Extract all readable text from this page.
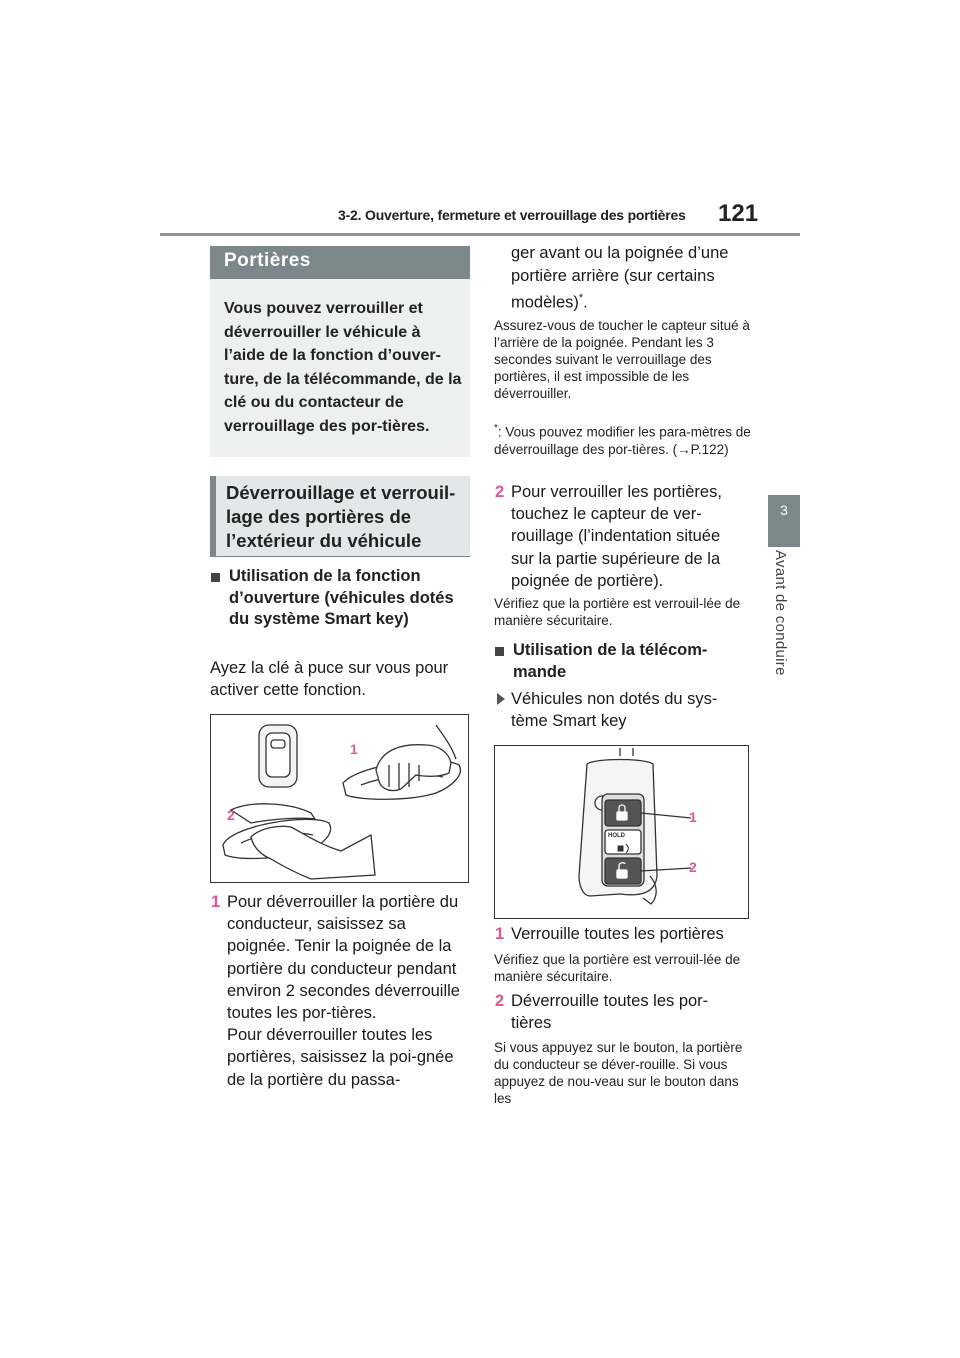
3-2. Ouverture, fermeture et verrouillage des portières 121
3
Avant de conduire
Portières

Vous pouvez verrouiller et déverrouiller le véhicule à l’aide de la fonction d’ouver-ture, de la télécommande, de la clé ou du contacteur de verrouillage des por-tières.

Déverrouillage et verrouil-lage des portières de l’extérieur du véhicule
Utilisation de la fonction d’ouverture (véhicules dotés du système Smart key)
Ayez la clé à puce sur vous pour activer cette fonction.
1
2
1 Pour déverrouiller la portière du conducteur, saisissez sa poignée. Tenir la poignée de la portière du conducteur pendant environ 2 secondes déverrouille toutes les por-tières.
Pour déverrouiller toutes les portières, saisissez la poi-gnée de la portière du passa-
ger avant ou la poignée d’une portière arrière (sur certains modèles)*.
Assurez-vous de toucher le capteur situé à l’arrière de la poignée. Pendant les 3 secondes suivant le verrouillage des portières, il est impossible de les déverrouiller.
*: Vous pouvez modifier les para-mètres de déverrouillage des por-tières. (→P.122)
2 Pour verrouiller les portières, touchez le capteur de ver-rouillage (l’indentation située sur la partie supérieure de la poignée de portière).
Vérifiez que la portière est verrouil-lée de manière sécuritaire.
Utilisation de la télécom-mande
Véhicules non dotés du sys-tème Smart key
HOLD
1
2
1 Verrouille toutes les portières
Vérifiez que la portière est verrouil-lée de manière sécuritaire.
2 Déverrouille toutes les por-tières
Si vous appuyez sur le bouton, la portière du conducteur se déver-rouille. Si vous appuyez de nou-veau sur le bouton dans les
